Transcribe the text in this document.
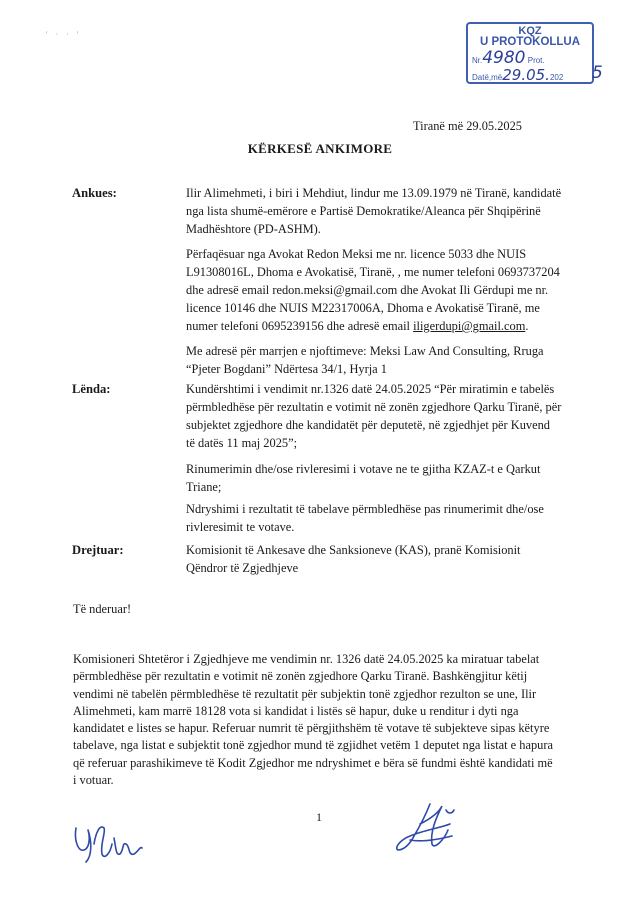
' · · '	KQZ
U PROTOKOLLUA
Nr.4980 Prot.
Datë,më29.05.202 5
Tiranë më 29.05.2025
KËRKESË ANKIMORE
Ankues:	Ilir Alimehmeti, i biri i Mehdiut, lindur me 13.09.1979 në Tiranë, kandidatë
nga lista shumë-emërore e Partisë Demokratike/Aleanca për Shqipërinë
Madhështore (PD-ASHM).
Përfaqësuar nga Avokat Redon Meksi me nr. licence 5033 dhe NUIS
L91308016L, Dhoma e Avokatisë, Tiranë, , me numer telefoni 0693737204
dhe adresë email redon.meksi@gmail.com dhe Avokat Ili Gërdupi me nr.
licence 10146 dhe NUIS M22317006A, Dhoma e Avokatisë Tiranë, me
numer telefoni 0695239156 dhe adresë email iligerdupi@gmail.com.
Me adresë për marrjen e njoftimeve: Meksi Law And Consulting, Rruga
“Pjeter Bogdani” Ndërtesa 34/1, Hyrja 1
Lënda:	Kundërshtimi i vendimit nr.1326 datë 24.05.2025 “Për miratimin e tabelës
përmbledhëse për rezultatin e votimit në zonën zgjedhore Qarku Tiranë, për
subjektet zgjedhore dhe kandidatët për deputetë, në zgjedhjet për Kuvend
të datës 11 maj 2025”;
Rinumerimin dhe/ose rivleresimi i votave ne te gjitha KZAZ-t e Qarkut
Triane;
Ndryshimi i rezultatit të tabelave përmbledhëse pas rinumerimit dhe/ose
rivleresimit te votave.
Drejtuar:	Komisionit të Ankesave dhe Sanksioneve (KAS), pranë Komisionit
Qëndror të Zgjedhjeve
Të nderuar!
Komisioneri Shtetëror i Zgjedhjeve me vendimin nr. 1326 datë 24.05.2025 ka miratuar tabelat
përmbledhëse për rezultatin e votimit në zonën zgjedhore Qarku Tiranë. Bashkëngjitur këtij
vendimi në tabelën përmbledhëse të rezultatit për subjektin tonë zgjedhor rezulton se une, Ilir
Alimehmeti, kam marrë 18128 vota si kandidat i listës së hapur, duke u renditur i dyti nga
kandidatet e listes se hapur. Referuar numrit të përgjithshëm të votave të subjekteve sipas këtyre
tabelave, nga listat e subjektit tonë zgjedhor mund të zgjidhet vetëm 1 deputet nga listat e hapura
që referuar parashikimeve të Kodit Zgjedhor me ndryshimet e bëra së fundmi është kandidati më
i votuar.
1
